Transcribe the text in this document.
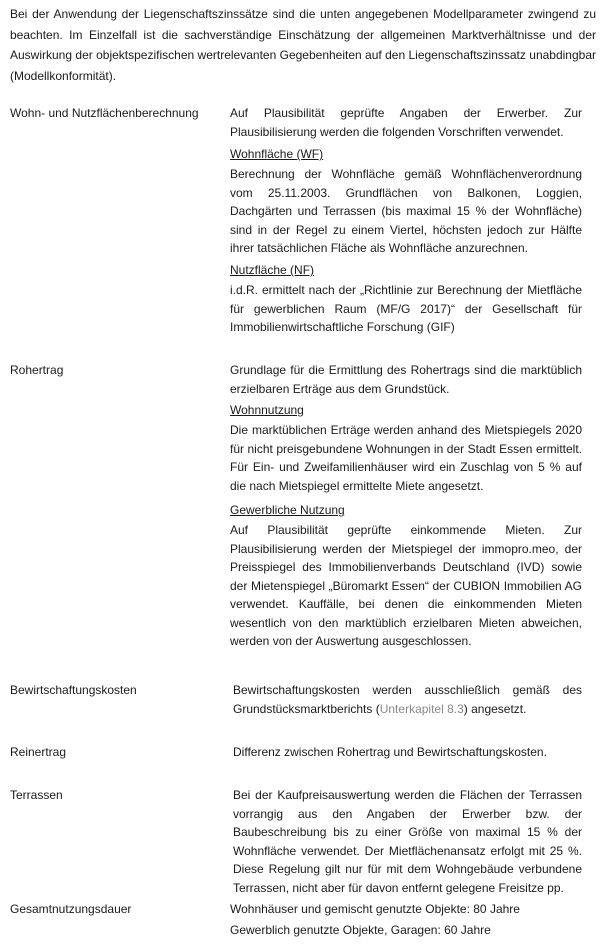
Bei der Anwendung der Liegenschaftszinssätze sind die unten angegebenen Modellparameter zwingend zu beachten. Im Einzelfall ist die sachverständige Einschätzung der allgemeinen Marktverhältnisse und der Auswirkung der objektspezifischen wertrelevanten Gegebenheiten auf den Liegenschaftszinssatz unabdingbar (Modellkonformität).
Wohn- und Nutzflächenberechnung	Auf Plausibilität geprüfte Angaben der Erwerber. Zur Plausibilisierung werden die folgenden Vorschriften verwendet.
Wohnfläche (WF)
Berechnung der Wohnfläche gemäß Wohnflächenverordnung vom 25.11.2003. Grundflächen von Balkonen, Loggien, Dachgärten und Terrassen (bis maximal 15 % der Wohnfläche) sind in der Regel zu einem Viertel, höchsten jedoch zur Hälfte ihrer tatsächlichen Fläche als Wohnfläche anzurechnen.
Nutzfläche (NF)
i.d.R. ermittelt nach der „Richtlinie zur Berechnung der Mietfläche für gewerblichen Raum (MF/G 2017)“ der Gesellschaft für Immobilienwirtschaftliche Forschung (GIF)
Rohertrag	Grundlage für die Ermittlung des Rohertrags sind die marktüblich erzielbaren Erträge aus dem Grundstück.
Wohnnutzung
Die marktüblichen Erträge werden anhand des Mietspiegels 2020 für nicht preisgebundene Wohnungen in der Stadt Essen ermittelt. Für Ein- und Zweifamilienhäuser wird ein Zuschlag von 5 % auf die nach Mietspiegel ermittelte Miete angesetzt.
Gewerbliche Nutzung
Auf Plausibilität geprüfte einkommende Mieten. Zur Plausibilisierung werden der Mietspiegel der immopro.meo, der Preisspiegel des Immobilienverbands Deutschland (IVD) sowie der Mietenspiegel „Büromarkt Essen“ der CUBION Immobilien AG verwendet. Kauffälle, bei denen die einkommenden Mieten wesentlich von den marktüblich erzielbaren Mieten abweichen, werden von der Auswertung ausgeschlossen.
Bewirtschaftungskosten	Bewirtschaftungskosten werden ausschließlich gemäß des Grundstücksmarktberichts (Unterkapitel 8.3) angesetzt.
Reinertrag	Differenz zwischen Rohertrag und Bewirtschaftungskosten.
Terrassen	Bei der Kaufpreisauswertung werden die Flächen der Terrassen vorrangig aus den Angaben der Erwerber bzw. der Baubeschreibung bis zu einer Größe von maximal 15 % der Wohnfläche verwendet. Der Mietflächenansatz erfolgt mit 25 %. Diese Regelung gilt nur für mit dem Wohngebäude verbundene Terrassen, nicht aber für davon entfernt gelegene Freisitze pp.
Gesamtnutzungsdauer	Wohnhäuser und gemischt genutzte Objekte: 80 Jahre
Gewerblich genutzte Objekte, Garagen: 60 Jahre
